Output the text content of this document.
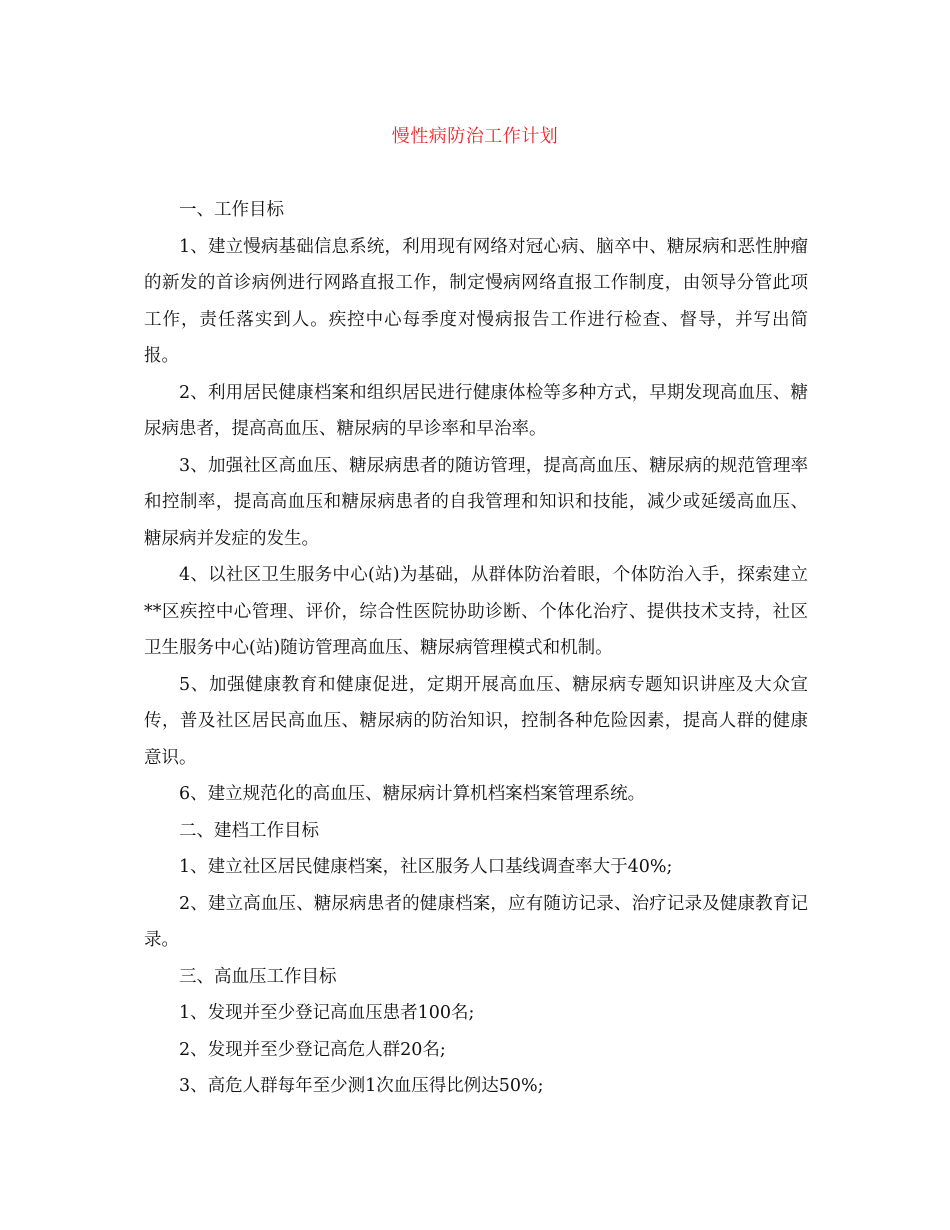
慢性病防治工作计划

一、工作目标

1、建立慢病基础信息系统，利用现有网络对冠心病、脑卒中、糖尿病和恶性肿瘤的新发的首诊病例进行网路直报工作，制定慢病网络直报工作制度，由领导分管此项工作，责任落实到人。疾控中心每季度对慢病报告工作进行检查、督导，并写出简报。

2、利用居民健康档案和组织居民进行健康体检等多种方式，早期发现高血压、糖尿病患者，提高高血压、糖尿病的早诊率和早治率。

3、加强社区高血压、糖尿病患者的随访管理，提高高血压、糖尿病的规范管理率和控制率，提高高血压和糖尿病患者的自我管理和知识和技能，减少或延缓高血压、糖尿病并发症的发生。

4、以社区卫生服务中心(站)为基础，从群体防治着眼，个体防治入手，探索建立**区疾控中心管理、评价，综合性医院协助诊断、个体化治疗、提供技术支持，社区卫生服务中心(站)随访管理高血压、糖尿病管理模式和机制。

5、加强健康教育和健康促进，定期开展高血压、糖尿病专题知识讲座及大众宣传，普及社区居民高血压、糖尿病的防治知识，控制各种危险因素，提高人群的健康意识。

6、建立规范化的高血压、糖尿病计算机档案档案管理系统。

二、建档工作目标

1、建立社区居民健康档案，社区服务人口基线调查率大于40%;

2、建立高血压、糖尿病患者的健康档案，应有随访记录、治疗记录及健康教育记录。

三、高血压工作目标

1、发现并至少登记高血压患者100名;

2、发现并至少登记高危人群20名;

3、高危人群每年至少测1次血压得比例达50%;
